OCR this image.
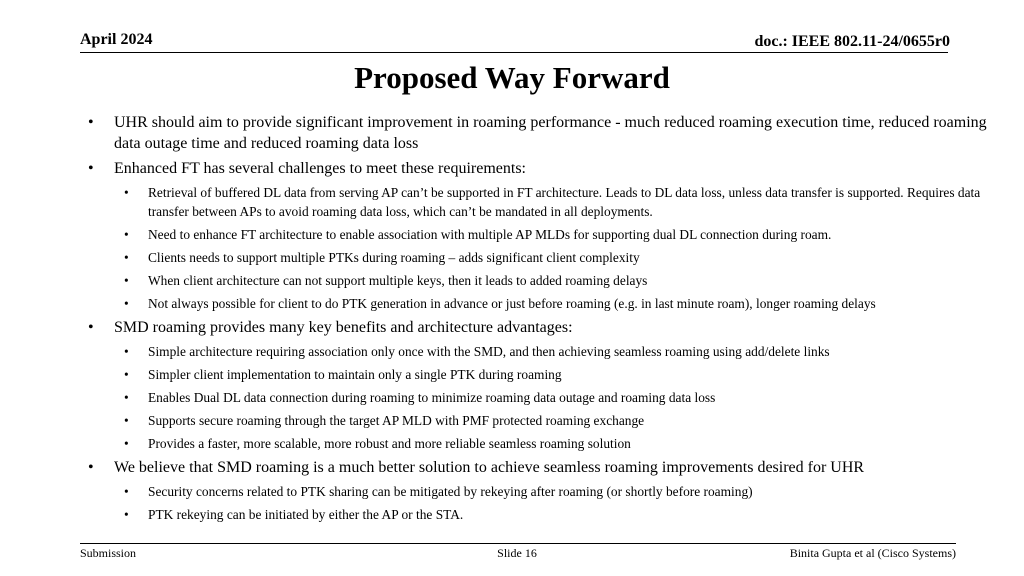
April 2024	doc.: IEEE 802.11-24/0655r0
Proposed Way Forward
• UHR should aim to provide significant improvement in roaming performance - much reduced roaming execution time, reduced roaming data outage time and reduced roaming data loss
• Enhanced FT has several challenges to meet these requirements:
• Retrieval of buffered DL data from serving AP can’t be supported in FT architecture. Leads to DL data loss, unless data transfer is supported. Requires data transfer between APs to avoid roaming data loss, which can’t be mandated in all deployments.
• Need to enhance FT architecture to enable association with multiple AP MLDs for supporting dual DL connection during roam.
• Clients needs to support multiple PTKs during roaming – adds significant client complexity
• When client architecture can not support multiple keys, then it leads to added roaming delays
• Not always possible for client to do PTK generation in advance or just before roaming (e.g. in last minute roam), longer roaming delays
• SMD roaming provides many key benefits and architecture advantages:
• Simple architecture requiring association only once with the SMD, and then achieving seamless roaming using add/delete links
• Simpler client implementation to maintain only a single PTK during roaming
• Enables Dual DL data connection during roaming to minimize roaming data outage and roaming data loss
• Supports secure roaming through the target AP MLD with PMF protected roaming exchange
• Provides a faster, more scalable, more robust and more reliable seamless roaming solution
• We believe that SMD roaming is a much better solution to achieve seamless roaming improvements desired for UHR
• Security concerns related to PTK sharing can be mitigated by rekeying after roaming (or shortly before roaming)
• PTK rekeying can be initiated by either the AP or the STA.
Submission	Slide 16	Binita Gupta et al (Cisco Systems)
